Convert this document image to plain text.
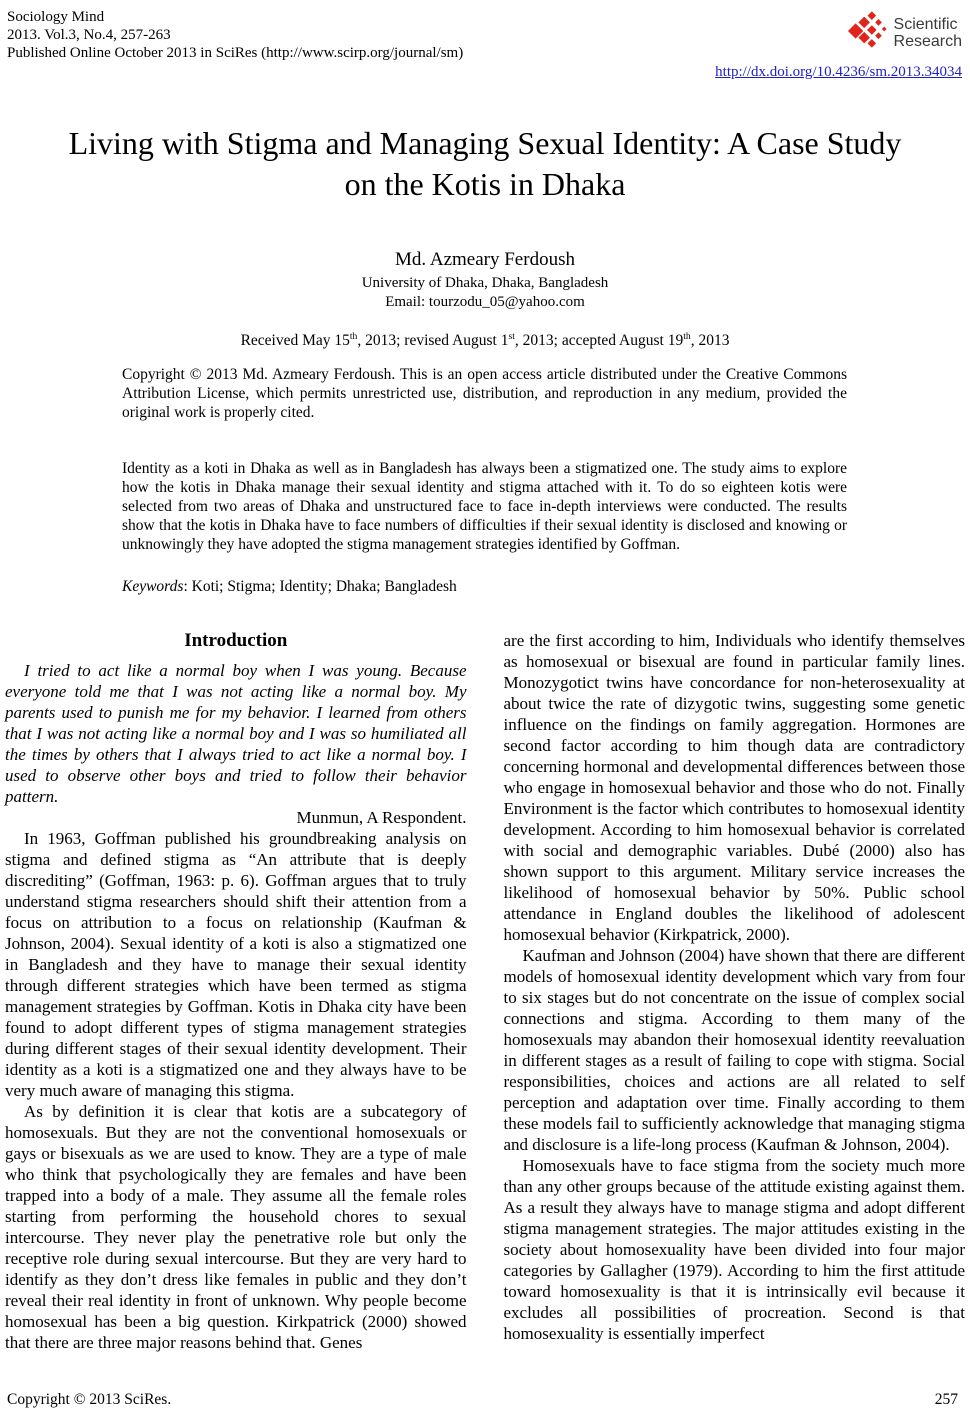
Sociology Mind
2013. Vol.3, No.4, 257-263
Published Online October 2013 in SciRes (http://www.scirp.org/journal/sm)
Scientific
Research

http://dx.doi.org/10.4236/sm.2013.34034
Living with Stigma and Managing Sexual Identity: A Case Study
on the Kotis in Dhaka
Md. Azmeary Ferdoush
University of Dhaka, Dhaka, Bangladesh
Email: tourzodu_05@yahoo.com
Received May 15th, 2013; revised August 1st, 2013; accepted August 19th, 2013
Copyright © 2013 Md. Azmeary Ferdoush. This is an open access article distributed under the Creative Commons Attribution License, which permits unrestricted use, distribution, and reproduction in any medium, provided the original work is properly cited.
Identity as a koti in Dhaka as well as in Bangladesh has always been a stigmatized one. The study aims to explore how the kotis in Dhaka manage their sexual identity and stigma attached with it. To do so eighteen kotis were selected from two areas of Dhaka and unstructured face to face in-depth interviews were conducted. The results show that the kotis in Dhaka have to face numbers of difficulties if their sexual identity is disclosed and knowing or unknowingly they have adopted the stigma management strategies identified by Goffman.
Keywords: Koti; Stigma; Identity; Dhaka; Bangladesh
Introduction

I tried to act like a normal boy when I was young. Because everyone told me that I was not acting like a normal boy. My parents used to punish me for my behavior. I learned from others that I was not acting like a normal boy and I was so humiliated all the times by others that I always tried to act like a normal boy. I used to observe other boys and tried to follow their behavior pattern.

Munmun, A Respondent.

In 1963, Goffman published his groundbreaking analysis on stigma and defined stigma as “An attribute that is deeply discrediting” (Goffman, 1963: p. 6). Goffman argues that to truly understand stigma researchers should shift their attention from a focus on attribution to a focus on relationship (Kaufman & Johnson, 2004). Sexual identity of a koti is also a stigmatized one in Bangladesh and they have to manage their sexual identity through different strategies which have been termed as stigma management strategies by Goffman. Kotis in Dhaka city have been found to adopt different types of stigma management strategies during different stages of their sexual identity development. Their identity as a koti is a stigmatized one and they always have to be very much aware of managing this stigma.

As by definition it is clear that kotis are a subcategory of homosexuals. But they are not the conventional homosexuals or gays or bisexuals as we are used to know. They are a type of male who think that psychologically they are females and have been trapped into a body of a male. They assume all the female roles starting from performing the household chores to sexual intercourse. They never play the penetrative role but only the receptive role during sexual intercourse. But they are very hard to identify as they don’t dress like females in public and they don’t reveal their real identity in front of unknown. Why people become homosexual has been a big question. Kirkpatrick (2000) showed that there are three major reasons behind that. Genes

are the first according to him, Individuals who identify themselves as homosexual or bisexual are found in particular family lines. Monozygotict twins have concordance for non-heterosexuality at about twice the rate of dizygotic twins, suggesting some genetic influence on the findings on family aggregation. Hormones are second factor according to him though data are contradictory concerning hormonal and developmental differences between those who engage in homosexual behavior and those who do not. Finally Environment is the factor which contributes to homosexual identity development. According to him homosexual behavior is correlated with social and demographic variables. Dubé (2000) also has shown support to this argument. Military service increases the likelihood of homosexual behavior by 50%. Public school attendance in England doubles the likelihood of adolescent homosexual behavior (Kirkpatrick, 2000).

Kaufman and Johnson (2004) have shown that there are different models of homosexual identity development which vary from four to six stages but do not concentrate on the issue of complex social connections and stigma. According to them many of the homosexuals may abandon their homosexual identity reevaluation in different stages as a result of failing to cope with stigma. Social responsibilities, choices and actions are all related to self perception and adaptation over time. Finally according to them these models fail to sufficiently acknowledge that managing stigma and disclosure is a life-long process (Kaufman & Johnson, 2004).

Homosexuals have to face stigma from the society much more than any other groups because of the attitude existing against them. As a result they always have to manage stigma and adopt different stigma management strategies. The major attitudes existing in the society about homosexuality have been divided into four major categories by Gallagher (1979). According to him the first attitude toward homosexuality is that it is intrinsically evil because it excludes all possibilities of procreation. Second is that homosexuality is essentially imperfect

Copyright © 2013 SciRes.	257
